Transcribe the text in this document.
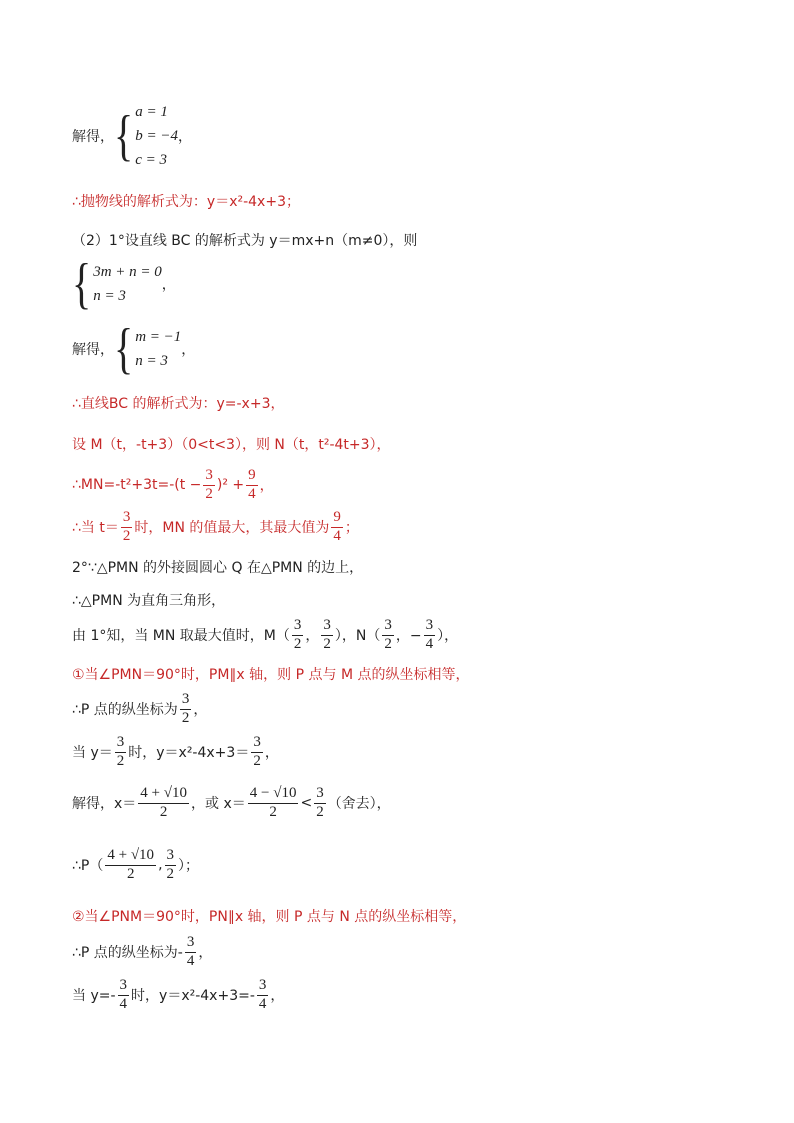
解得， { a = 1
b = −4
c = 3
，
∴抛物线的解析式为：y＝x²-4x+3；
（2）1°设直线 BC 的解析式为 y＝mx+n（m≠0），则
{ 3m + n = 0
n = 3
，
解得， { m = −1
n = 3
，
∴直线BC 的解析式为：y=-x+3，
设 M（t，-t+3）（0<t<3），则 N（t，t²-4t+3），
∴MN=-t²+3t=-(t − $\frac{3}{2} )^2 + \frac{9}{4}$ ，
∴当 $t= \frac{3}{2}$ 时，MN 的值最大，其最大值为 $\frac{9}{4}$ ；
2°∵△PMN 的外接圆圆心 Q 在△PMN 的边上，
∴△PMN 为直角三角形，
由 1°知，当 MN 取最大值时，$M( \frac{3}{2}$ ， $\frac{3}{2}$ ），$N( \frac{3}{2}$ ，− $\frac{3}{4}$ ），
①当∠PMN＝90°时，PM∥x 轴，则 P 点与 M 点的纵坐标相等，
∴P 点的纵坐标为 $\frac{3}{2}$ ，
当 $y= \frac{3}{2}$ 时，$y=x^2-4x+3= \frac{3}{2}$ ，
解得，$x= \frac{4 + √10}{2}$ ，或 $x= \frac{4 - √10}{2} < \frac{3}{2}$ （舍去），
∴P（ $\frac{4 + √10}{2}$ , $\frac{3}{2}$ ）；
②当∠PNM＝90°时，PN∥x 轴，则 P 点与 N 点的纵坐标相等，
∴P 点的纵坐标为- $\frac{3}{4}$ ，
当 $y=- \frac{3}{4}$ 时，$y=x^2-4x+3=- \frac{3}{4}$ ，
